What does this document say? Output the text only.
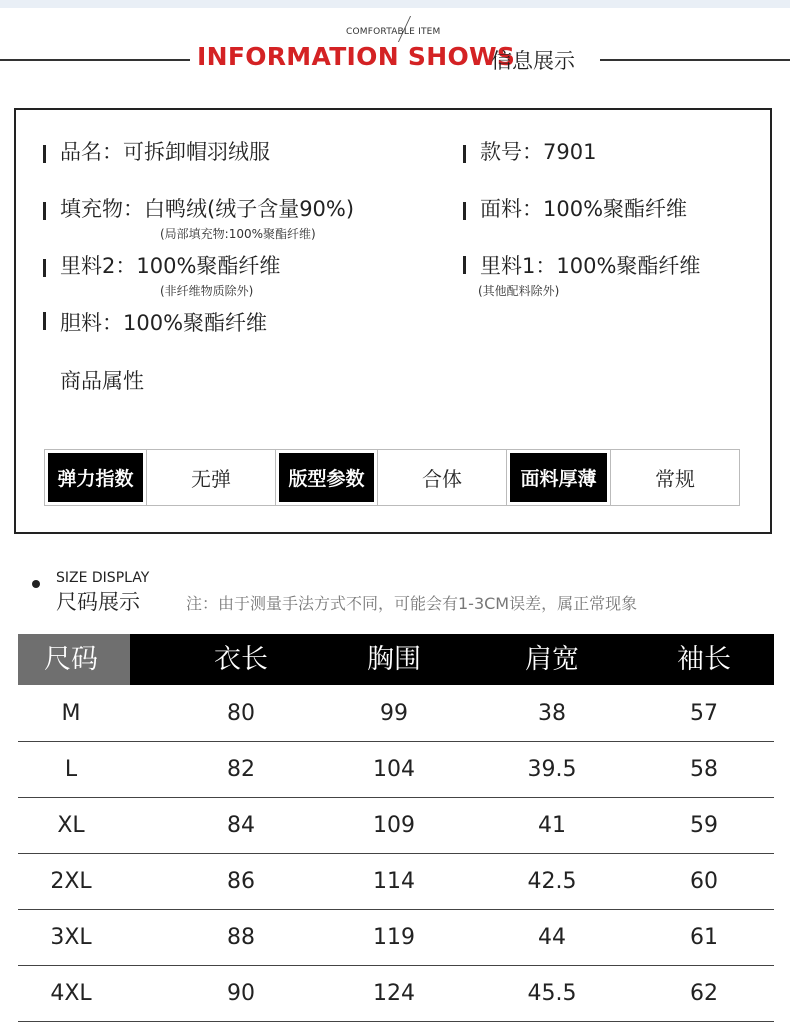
COMFORTABLE ITEM
INFORMATION SHOWS
信息展示
品名：可拆卸帽羽绒服	款号：7901
填充物：白鸭绒(绒子含量90%)
(局部填充物:100%聚酯纤维)
面料：100%聚酯纤维
里料2：100%聚酯纤维
(非纤维物质除外)
里料1：100%聚酯纤维
(其他配料除外)
胆料：100%聚酯纤维
商品属性
弹力指数	无弹	版型参数	合体	面料厚薄	常规
SIZE DISPLAY
尺码展示	注：由于测量手法方式不同，可能会有1-3CM误差，属正常现象
尺码	衣长	胸围	肩宽	袖长
M	80	99	38	57
L	82	104	39.5	58
XL	84	109	41	59
2XL	86	114	42.5	60
3XL	88	119	44	61
4XL	90	124	45.5	62
